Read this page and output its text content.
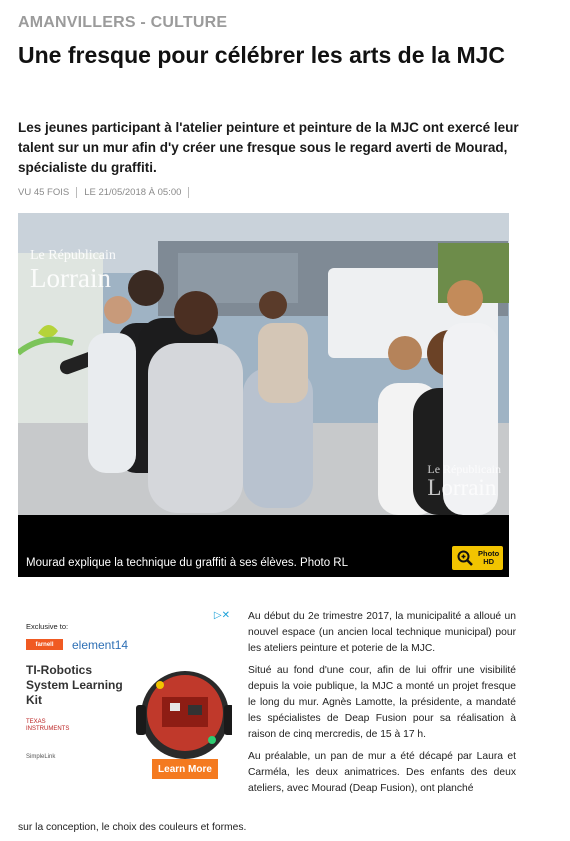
AMANVILLERS - CULTURE
Une fresque pour célébrer les arts de la MJC
Les jeunes participant à l'atelier peinture et peinture de la MJC ont exercé leur talent sur un mur afin d'y créer une fresque sous le regard averti de Mourad, spécialiste du graffiti.
VU 45 FOIS LE 21/05/2018 À 05:00
Le Républicain
Lorrain
Le Républicain
Lorrain
Mourad explique la technique du graffiti à ses élèves. Photo RL
Photo
HD
Exclusive to:
▷✕
farnell	element14
TI-Robotics System Learning Kit
TEXAS
INSTRUMENTS
SimpleLink
Learn More

Au début du 2e trimestre 2017, la municipalité a alloué un nouvel espace (un ancien local technique municipal) pour les ateliers peinture et poterie de la MJC.

Situé au fond d'une cour, afin de lui offrir une visibilité depuis la voie publique, la MJC a monté un projet fresque le long du mur. Agnès Lamotte, la présidente, a mandaté les spécialistes de Deap Fusion pour sa réalisation à raison de cinq mercredis, de 15 à 17 h.

Au préalable, un pan de mur a été décapé par Laura et Carméla, les deux animatrices. Des enfants des deux ateliers, avec Mourad (Deap Fusion), ont planché

sur la conception, le choix des couleurs et formes.
